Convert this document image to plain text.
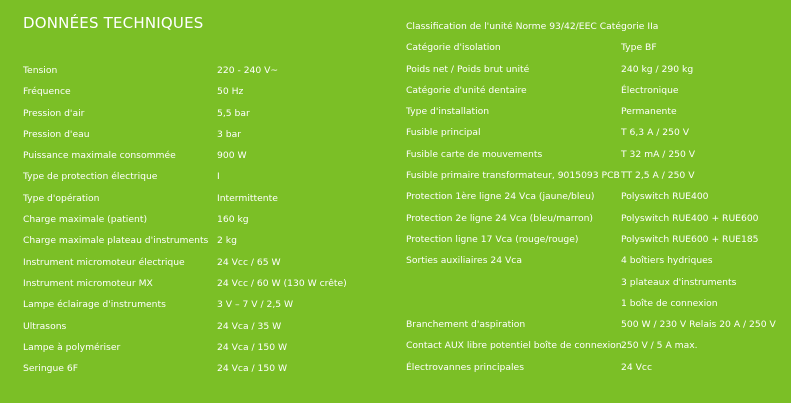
DONNÉES TECHNIQUES
Tension	220 - 240 V~
Fréquence	50 Hz
Pression d'air	5,5 bar
Pression d'eau	3 bar
Puissance maximale consommée	900 W
Type de protection électrique	I
Type d'opération	Intermittente
Charge maximale (patient)	160 kg
Charge maximale plateau d'instruments 2 kg
Instrument micromoteur électrique	24 Vcc / 65 W
Instrument micromoteur MX	24 Vcc / 60 W (130 W crête)
Lampe éclairage d'instruments	3 V – 7 V / 2,5 W
Ultrasons	24 Vca / 35 W
Lampe à polymériser	24 Vca / 150 W
Seringue 6F	24 Vca / 150 W
Classification de l'unité Norme 93/42/EEC Catégorie IIa
Catégorie d'isolation	Type BF
Poids net / Poids brut unité	240 kg / 290 kg
Catégorie d'unité dentaire	Électronique
Type d'installation	Permanente
Fusible principal	T 6,3 A / 250 V
Fusible carte de mouvements	T 32 mA / 250 V
Fusible primaire transformateur, 9015093 PCB TT 2,5 A / 250 V
Protection 1ère ligne 24 Vca (jaune/bleu)	Polyswitch RUE400
Protection 2e ligne 24 Vca (bleu/marron)	Polyswitch RUE400 + RUE600
Protection ligne 17 Vca (rouge/rouge)	Polyswitch RUE600 + RUE185
Sorties auxiliaires 24 Vca	4 boîtiers hydriques
3 plateaux d'instruments
1 boîte de connexion
Branchement d'aspiration	500 W / 230 V Relais 20 A / 250 V
Contact AUX libre potentiel boîte de connexion 250 V / 5 A max.
Électrovannes principales	24 Vcc
